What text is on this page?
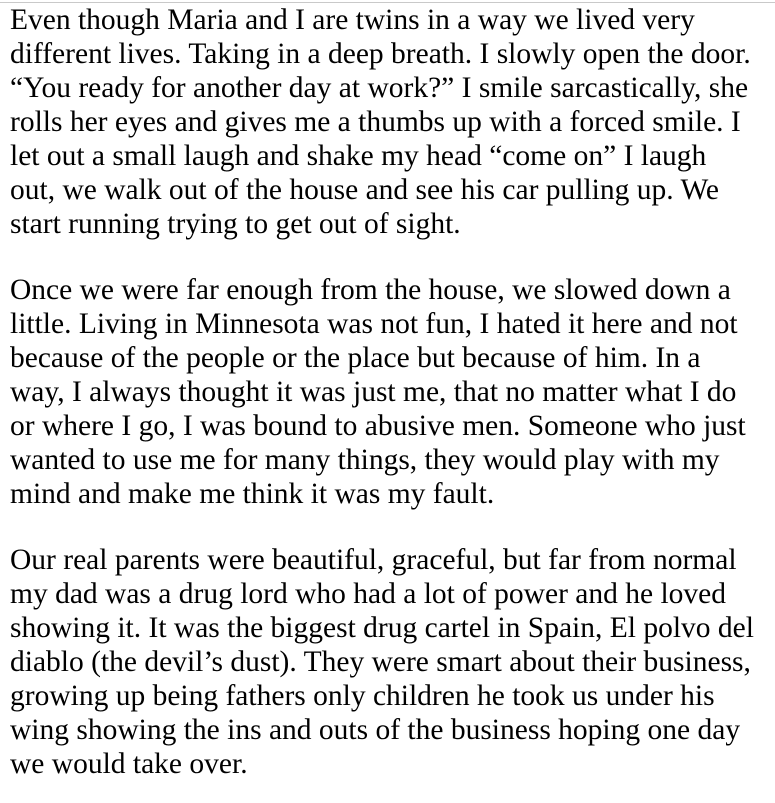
Even though Maria and I are twins in a way we lived very
different lives. Taking in a deep breath. I slowly open the door.
“You ready for another day at work?” I smile sarcastically, she
rolls her eyes and gives me a thumbs up with a forced smile. I
let out a small laugh and shake my head “come on” I laugh
out, we walk out of the house and see his car pulling up. We
start running trying to get out of sight.

Once we were far enough from the house, we slowed down a
little. Living in Minnesota was not fun, I hated it here and not
because of the people or the place but because of him. In a
way, I always thought it was just me, that no matter what I do
or where I go, I was bound to abusive men. Someone who just
wanted to use me for many things, they would play with my
mind and make me think it was my fault.

Our real parents were beautiful, graceful, but far from normal
my dad was a drug lord who had a lot of power and he loved
showing it. It was the biggest drug cartel in Spain, El polvo del
diablo (the devil’s dust). They were smart about their business,
growing up being fathers only children he took us under his
wing showing the ins and outs of the business hoping one day
we would take over.
